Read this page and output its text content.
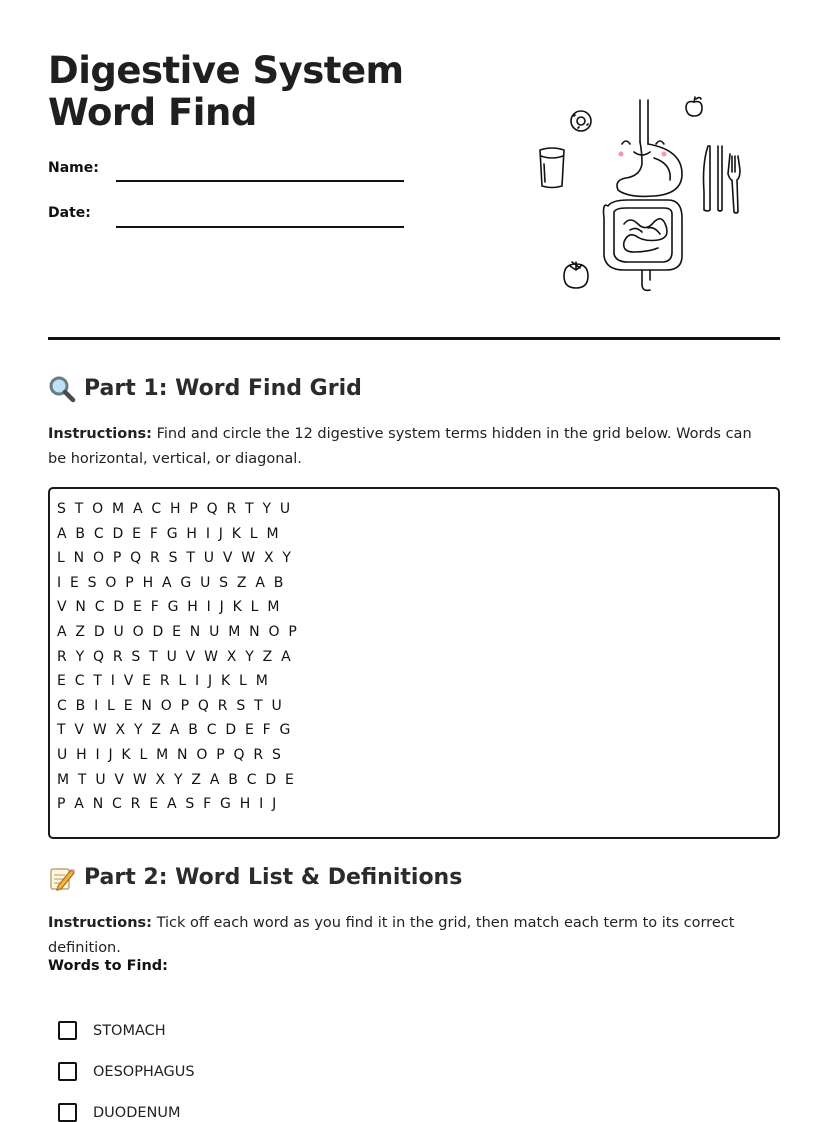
Digestive System Word Find
Name:
Date:
Part 1: Word Find Grid

Instructions: Find and circle the 12 digestive system terms hidden in the grid below. Words can be horizontal, vertical, or diagonal.

S T O M A C H P Q R T Y U
A B C D E F G H I J K L M
L N O P Q R S T U V W X Y
I E S O P H A G U S Z A B
V N C D E F G H I J K L M
A Z D U O D E N U M N O P
R Y Q R S T U V W X Y Z A
E C T I V E R L I J K L M
C B I L E N O P Q R S T U
T V W X Y Z A B C D E F G
U H I J K L M N O P Q R S
M T U V W X Y Z A B C D E
P A N C R E A S F G H I J
Part 2: Word List & Definitions

Instructions: Tick off each word as you find it in the grid, then match each term to its correct definition.

Words to Find:
STOMACH
OESOPHAGUS
DUODENUM
